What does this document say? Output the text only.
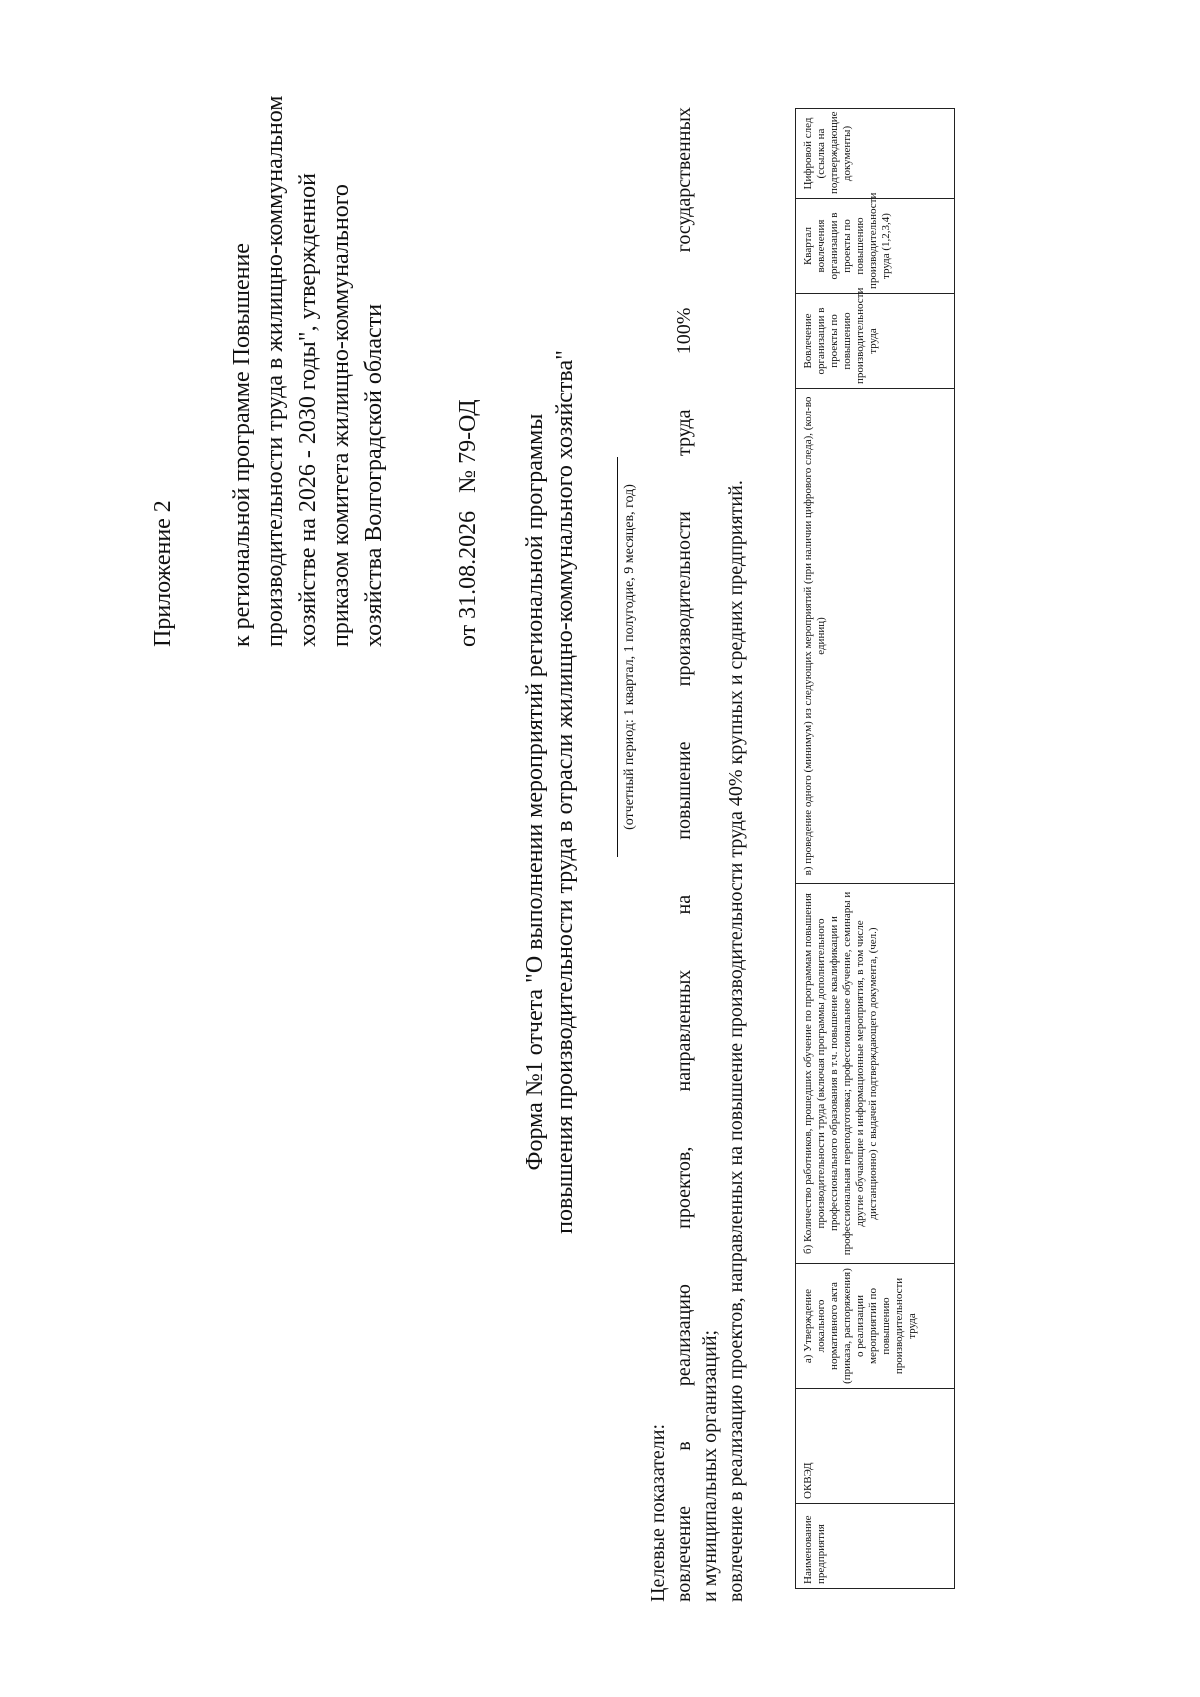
Приложение 2 к региональной программе Повышение производительности труда в жилищно-коммунальном хозяйстве на 2026 - 2030 годы", утвержденной приказом комитета жилищно-коммунального хозяйства Волгоградской области	от 31.08.2026   № 79-ОД Форма №1 отчета "О выполнении мероприятий региональной программы повышения производительности труда в отрасли жилищно-коммунального хозяйства"	(отчетный период: 1 квартал, 1 полугодие, 9 месяцев, год)
Целевые показатели: вовлечение
в
реализацию
проектов,
направленных
на
повышение
производительности
труда
100%
государственных
и муниципальных организаций; вовлечение в реализацию проектов, направленных на повышение производительности труда 40% крупных и средних предприятий.	Наименование предприятия	ОКВЭД	а) Утверждение локального нормативного акта (приказа, распоряжения) о реализации мероприятий по повышению производительности труда	б) Количество работников, прошедших обучение по программам повышения производительности труда (включая программы дополнительного профессионального образования в т.ч. повышение квалификации и профессиональная переподготовка; профессиональное обучение, семинары и другие обучающие и информационные мероприятия, в том числе дистанционно) с выдачей подтверждающего документа, (чел.)	в) проведение одного (минимум) из следующих мероприятий (при наличии цифрового следа), (кол-во единиц)	Вовлечение организации в проекты по повышению производительности труда	Квартал вовлечения организации в проекты по повышению производительности труда (1,2,3,4)	Цифровой след (ссылка на подтверждающие документы)
